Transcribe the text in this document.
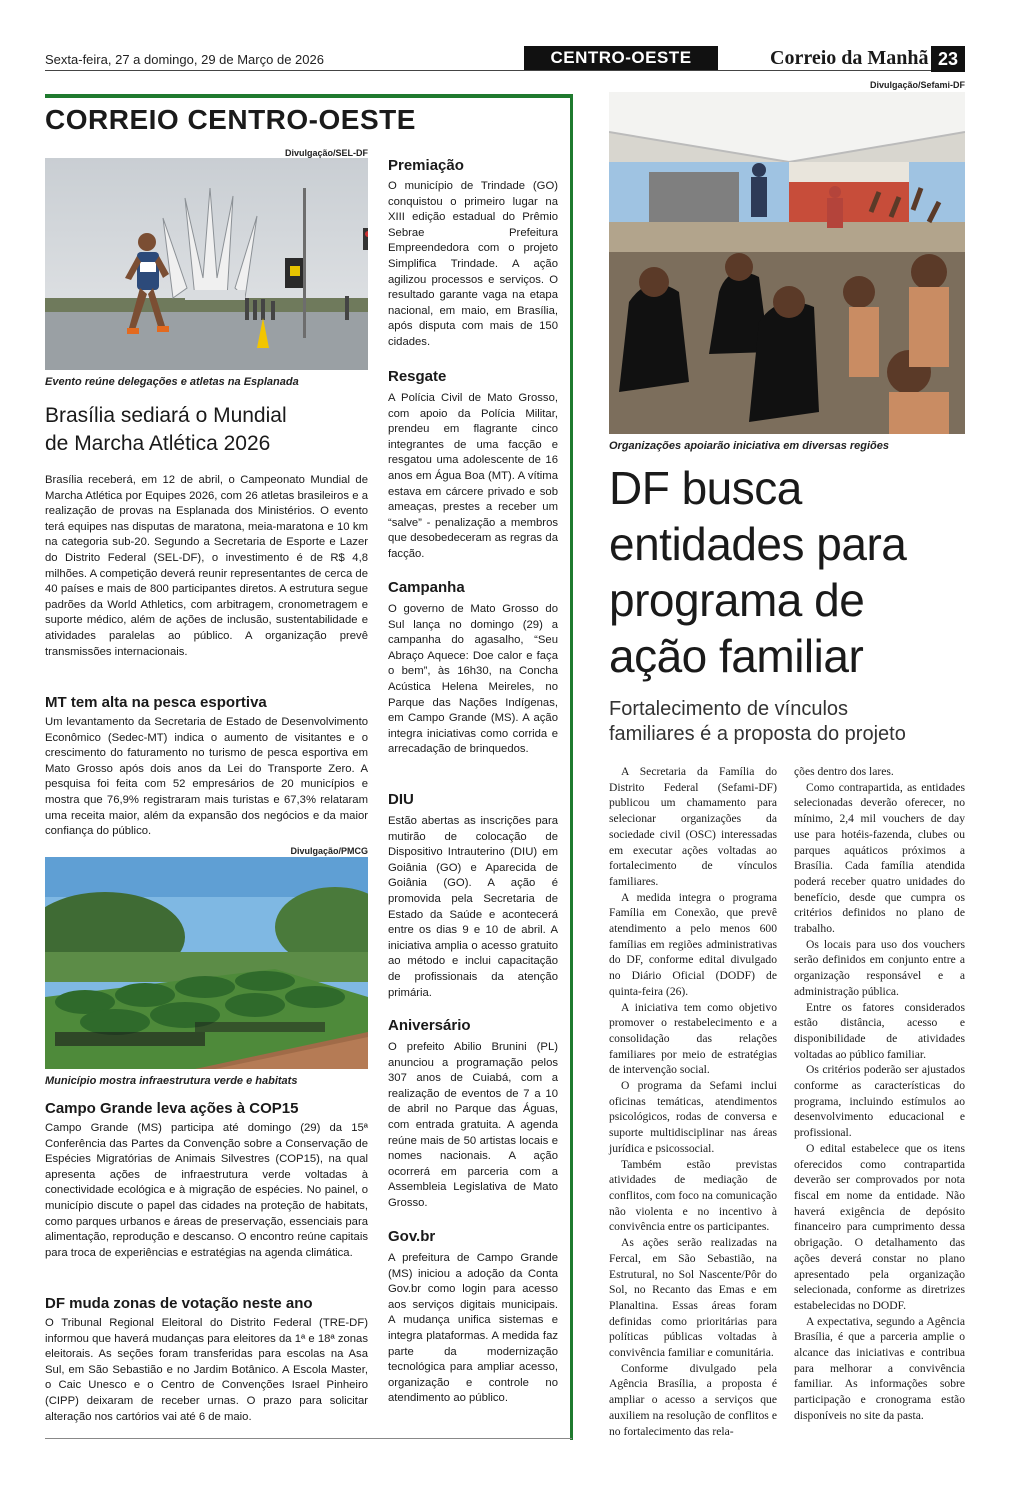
Sexta-feira, 27 a domingo, 29 de Março de 2026	CENTRO-OESTE	Correio da Manhã 23
CORREIO CENTRO-OESTE
Divulgação/SEL-DF
Evento reúne delegações e atletas na Esplanada
Brasília sediará o Mundial
de Marcha Atlética 2026

Brasília receberá, em 12 de abril, o Campeonato Mundial de Marcha Atlética por Equipes 2026, com 26 atletas brasileiros e a realização de provas na Esplanada dos Ministérios. O evento terá equipes nas disputas de maratona, meia-maratona e 10 km na categoria sub-20. Segundo a Secretaria de Esporte e Lazer do Distrito Federal (SEL-DF), o investimento é de R$ 4,8 milhões. A competição deverá reunir representantes de cerca de 40 países e mais de 800 participantes diretos. A estrutura segue padrões da World Athletics, com arbitragem, cronometragem e suporte médico, além de ações de inclusão, sustentabilidade e atividades paralelas ao público. A organização prevê transmissões internacionais.

MT tem alta na pesca esportiva

Um levantamento da Secretaria de Estado de Desenvolvimento Econômico (Sedec-MT) indica o aumento de visitantes e o crescimento do faturamento no turismo de pesca esportiva em Mato Grosso após dois anos da Lei do Transporte Zero. A pesquisa foi feita com 52 empresários de 20 municípios e mostra que 76,9% registraram mais turistas e 67,3% relataram uma receita maior, além da expansão dos negócios e da maior confiança do público.

Divulgação/PMCG
Município mostra infraestrutura verde e habitats
Campo Grande leva ações à COP15

Campo Grande (MS) participa até domingo (29) da 15ª Conferência das Partes da Convenção sobre a Conservação de Espécies Migratórias de Animais Silvestres (COP15), na qual apresenta ações de infraestrutura verde voltadas à conectividade ecológica e à migração de espécies. No painel, o município discute o papel das cidades na proteção de habitats, como parques urbanos e áreas de preservação, essenciais para alimentação, reprodução e descanso. O encontro reúne capitais para troca de experiências e estratégias na agenda climática.

DF muda zonas de votação neste ano

O Tribunal Regional Eleitoral do Distrito Federal (TRE-DF) informou que haverá mudanças para eleitores da 1ª e 18ª zonas eleitorais. As seções foram transferidas para escolas na Asa Sul, em São Sebastião e no Jardim Botânico. A Escola Master, o Caic Unesco e o Centro de Convenções Israel Pinheiro (CIPP) deixaram de receber urnas. O prazo para solicitar alteração nos cartórios vai até 6 de maio.

Premiação

O município de Trindade (GO) conquistou o primeiro lugar na XIII edição estadual do Prêmio Sebrae Prefeitura Empreendedora com o projeto Simplifica Trindade. A ação agilizou processos e serviços. O resultado garante vaga na etapa nacional, em maio, em Brasília, após disputa com mais de 150 cidades.

Resgate

A Polícia Civil de Mato Grosso, com apoio da Polícia Militar, prendeu em flagrante cinco integrantes de uma facção e resgatou uma adolescente de 16 anos em Água Boa (MT). A vítima estava em cárcere privado e sob ameaças, prestes a receber um “salve” - penalização a membros que desobedeceram as regras da facção.

Campanha

O governo de Mato Grosso do Sul lança no domingo (29) a campanha do agasalho, “Seu Abraço Aquece: Doe calor e faça o bem”, às 16h30, na Concha Acústica Helena Meireles, no Parque das Nações Indígenas, em Campo Grande (MS). A ação integra iniciativas como corrida e arrecadação de brinquedos.

DIU

Estão abertas as inscrições para mutirão de colocação de Dispositivo Intrauterino (DIU) em Goiânia (GO) e Aparecida de Goiânia (GO). A ação é promovida pela Secretaria de Estado da Saúde e acontecerá entre os dias 9 e 10 de abril. A iniciativa amplia o acesso gratuito ao método e inclui capacitação de profissionais da atenção primária.

Aniversário

O prefeito Abilio Brunini (PL) anunciou a programação pelos 307 anos de Cuiabá, com a realização de eventos de 7 a 10 de abril no Parque das Águas, com entrada gratuita. A agenda reúne mais de 50 artistas locais e nomes nacionais. A ação ocorrerá em parceria com a Assembleia Legislativa de Mato Grosso.

Gov.br

A prefeitura de Campo Grande (MS) iniciou a adoção da Conta Gov.br como login para acesso aos serviços digitais municipais. A mudança unifica sistemas e integra plataformas. A medida faz parte da modernização tecnológica para ampliar acesso, organização e controle no atendimento ao público.

Divulgação/Sefami-DF
Organizações apoiarão iniciativa em diversas regiões
DF busca
entidades para
programa de
ação familiar
Fortalecimento de vínculos
familiares é a proposta do projeto

A Secretaria da Família do Distrito Federal (Sefami-DF) publicou um chamamento para selecionar organizações da sociedade civil (OSC) interessadas em executar ações voltadas ao fortalecimento de vínculos familiares.

A medida integra o programa Família em Conexão, que prevê atendimento a pelo menos 600 famílias em regiões administrativas do DF, conforme edital divulgado no Diário Oficial (DODF) de quinta-feira (26).

A iniciativa tem como objetivo promover o restabelecimento e a consolidação das relações familiares por meio de estratégias de intervenção social.

O programa da Sefami inclui oficinas temáticas, atendimentos psicológicos, rodas de conversa e suporte multidisciplinar nas áreas jurídica e psicossocial.

Também estão previstas atividades de mediação de conflitos, com foco na comunicação não violenta e no incentivo à convivência entre os participantes.

As ações serão realizadas na Fercal, em São Sebastião, na Estrutural, no Sol Nascente/Pôr do Sol, no Recanto das Emas e em Planaltina. Essas áreas foram definidas como prioritárias para políticas públicas voltadas à convivência familiar e comunitária.

Conforme divulgado pela Agência Brasília, a proposta é ampliar o acesso a serviços que auxiliem na resolução de conflitos e no fortalecimento das rela-

ções dentro dos lares.

Como contrapartida, as entidades selecionadas deverão oferecer, no mínimo, 2,4 mil vouchers de day use para hotéis-fazenda, clubes ou parques aquáticos próximos a Brasília. Cada família atendida poderá receber quatro unidades do benefício, desde que cumpra os critérios definidos no plano de trabalho.

Os locais para uso dos vouchers serão definidos em conjunto entre a organização responsável e a administração pública.

Entre os fatores considerados estão distância, acesso e disponibilidade de atividades voltadas ao público familiar.

Os critérios poderão ser ajustados conforme as características do programa, incluindo estímulos ao desenvolvimento educacional e profissional.

O edital estabelece que os itens oferecidos como contrapartida deverão ser comprovados por nota fiscal em nome da entidade. Não haverá exigência de depósito financeiro para cumprimento dessa obrigação. O detalhamento das ações deverá constar no plano apresentado pela organização selecionada, conforme as diretrizes estabelecidas no DODF.

A expectativa, segundo a Agência Brasília, é que a parceria amplie o alcance das iniciativas e contribua para melhorar a convivência familiar. As informações sobre participação e cronograma estão disponíveis no site da pasta.
